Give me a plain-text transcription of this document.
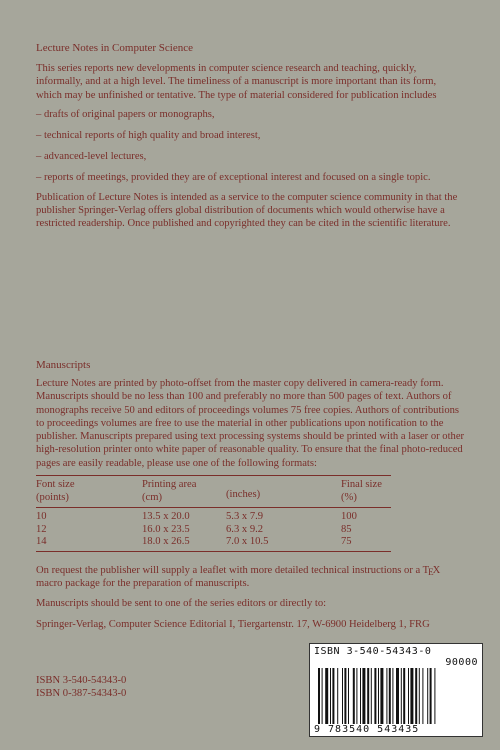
Lecture Notes in Computer Science

This series reports new developments in computer science research and teaching, quickly, informally, and at a high level. The timeliness of a manuscript is more important than its form, which may be unfinished or tentative. The type of material considered for publication includes

– drafts of original papers or monographs,

– technical reports of high quality and broad interest,

– advanced-level lectures,

– reports of meetings, provided they are of exceptional interest and focused on a single topic.

Publication of Lecture Notes is intended as a service to the computer science community in that the publisher Springer-Verlag offers global distribution of documents which would otherwise have a restricted readership. Once published and copyrighted they can be cited in the scientific literature.

Manuscripts

Lecture Notes are printed by photo-offset from the master copy delivered in camera-ready form. Manuscripts should be no less than 100 and preferably no more than 500 pages of text. Authors of monographs receive 50 and editors of proceedings volumes 75 free copies. Authors of contributions to proceedings volumes are free to use the material in other publications upon notification to the publisher. Manuscripts prepared using text processing systems should be printed with a laser or other high-resolution printer onto white paper of reasonable quality. To ensure that the final photo-reduced pages are easily readable, please use one of the following formats:

Font size	Printing area		Final size
(points)	(cm)	(inches)	(%)
10	13.5 x 20.0	5.3 x 7.9	100
12	16.0 x 23.5	6.3 x 9.2	85
14	18.0 x 26.5	7.0 x 10.5	75

On request the publisher will supply a leaflet with more detailed technical instructions or a TEX macro package for the preparation of manuscripts.

Manuscripts should be sent to one of the series editors or directly to:

Springer-Verlag, Computer Science Editorial I, Tiergartenstr. 17, W-6900 Heidelberg 1, FRG

ISBN 3-540-54343-0
ISBN 0-387-54343-0
ISBN 3-540-54343-0
90000
9 783540 543435
